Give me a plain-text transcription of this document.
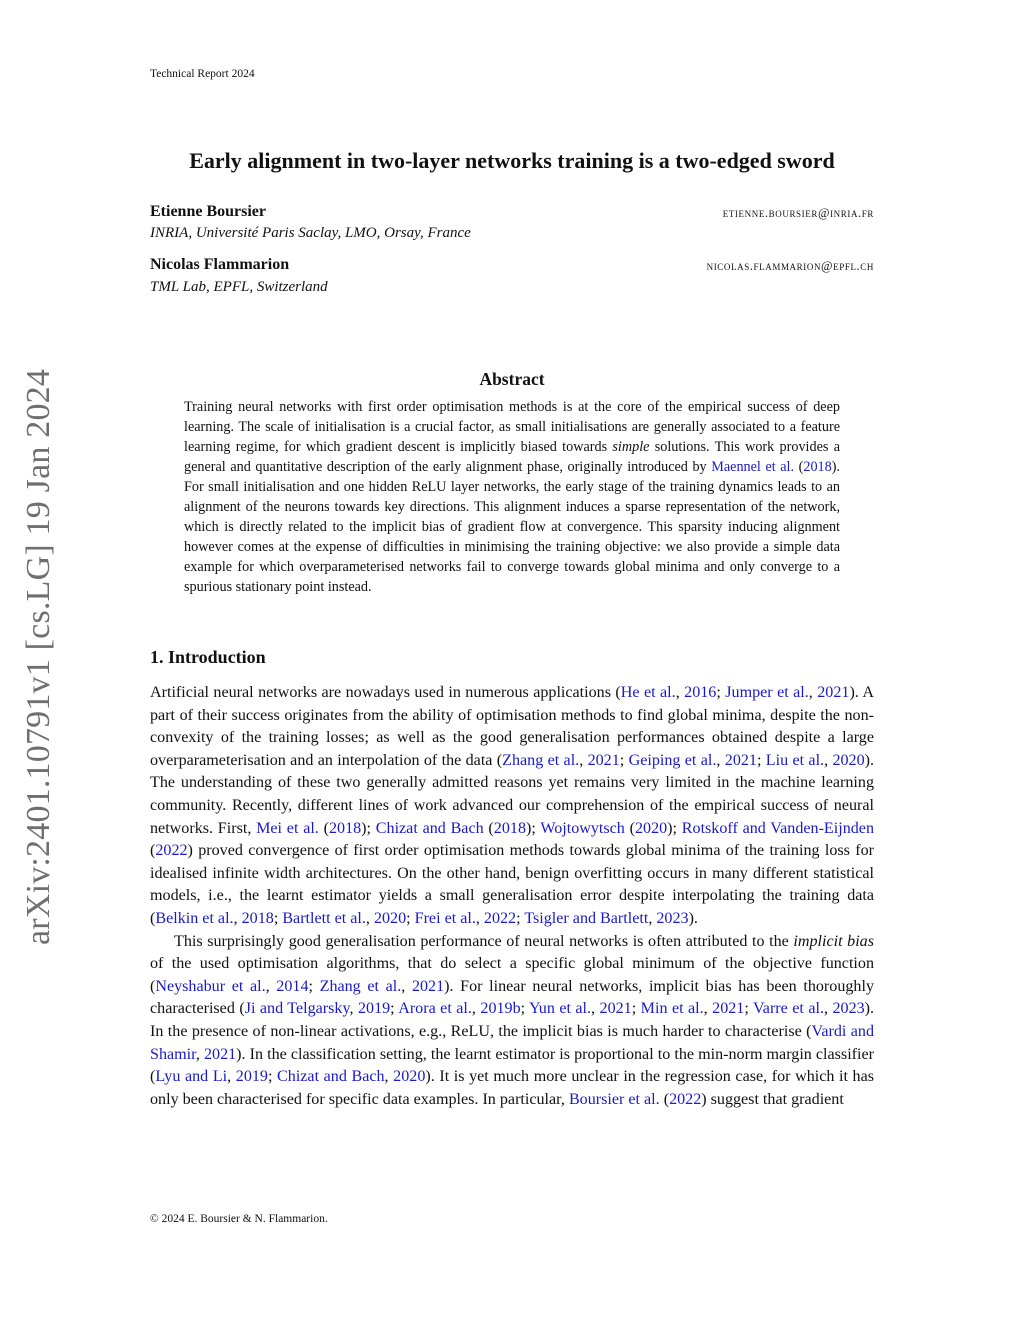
Technical Report 2024
Early alignment in two-layer networks training is a two-edged sword
Etienne Boursier	etienne.boursier@inria.fr
INRIA, Université Paris Saclay, LMO, Orsay, France
Nicolas Flammarion	nicolas.flammarion@epfl.ch
TML Lab, EPFL, Switzerland
arXiv:2401.10791v1 [cs.LG] 19 Jan 2024	Abstract
Training neural networks with first order optimisation methods is at the core of the empirical success of deep learning. The scale of initialisation is a crucial factor, as small initialisations are generally associated to a feature learning regime, for which gradient descent is implicitly biased towards simple solutions. This work provides a general and quantitative description of the early alignment phase, originally introduced by Maennel et al. (2018). For small initialisation and one hidden ReLU layer networks, the early stage of the training dynamics leads to an alignment of the neurons towards key directions. This alignment induces a sparse representation of the network, which is directly related to the implicit bias of gradient flow at convergence. This sparsity inducing alignment however comes at the expense of difficulties in minimising the training objective: we also provide a simple data example for which overparameterised networks fail to converge towards global minima and only converge to a spurious stationary point instead.
1. Introduction

Artificial neural networks are nowadays used in numerous applications (He et al., 2016; Jumper et al., 2021). A part of their success originates from the ability of optimisation methods to find global minima, despite the non-convexity of the training losses; as well as the good generalisation performances obtained despite a large overparameterisation and an interpolation of the data (Zhang et al., 2021; Geiping et al., 2021; Liu et al., 2020). The understanding of these two generally admitted reasons yet remains very limited in the machine learning community. Recently, different lines of work advanced our comprehension of the empirical success of neural networks. First, Mei et al. (2018); Chizat and Bach (2018); Wojtowytsch (2020); Rotskoff and Vanden-Eijnden (2022) proved convergence of first order optimisation methods towards global minima of the training loss for idealised infinite width architectures. On the other hand, benign overfitting occurs in many different statistical models, i.e., the learnt estimator yields a small generalisation error despite interpolating the training data (Belkin et al., 2018; Bartlett et al., 2020; Frei et al., 2022; Tsigler and Bartlett, 2023).

This surprisingly good generalisation performance of neural networks is often attributed to the implicit bias of the used optimisation algorithms, that do select a specific global minimum of the objective function (Neyshabur et al., 2014; Zhang et al., 2021). For linear neural networks, implicit bias has been thoroughly characterised (Ji and Telgarsky, 2019; Arora et al., 2019b; Yun et al., 2021; Min et al., 2021; Varre et al., 2023). In the presence of non-linear activations, e.g., ReLU, the implicit bias is much harder to characterise (Vardi and Shamir, 2021). In the classification setting, the learnt estimator is proportional to the min-norm margin classifier (Lyu and Li, 2019; Chizat and Bach, 2020). It is yet much more unclear in the regression case, for which it has only been characterised for specific data examples. In particular, Boursier et al. (2022) suggest that gradient

© 2024 E. Boursier & N. Flammarion.
